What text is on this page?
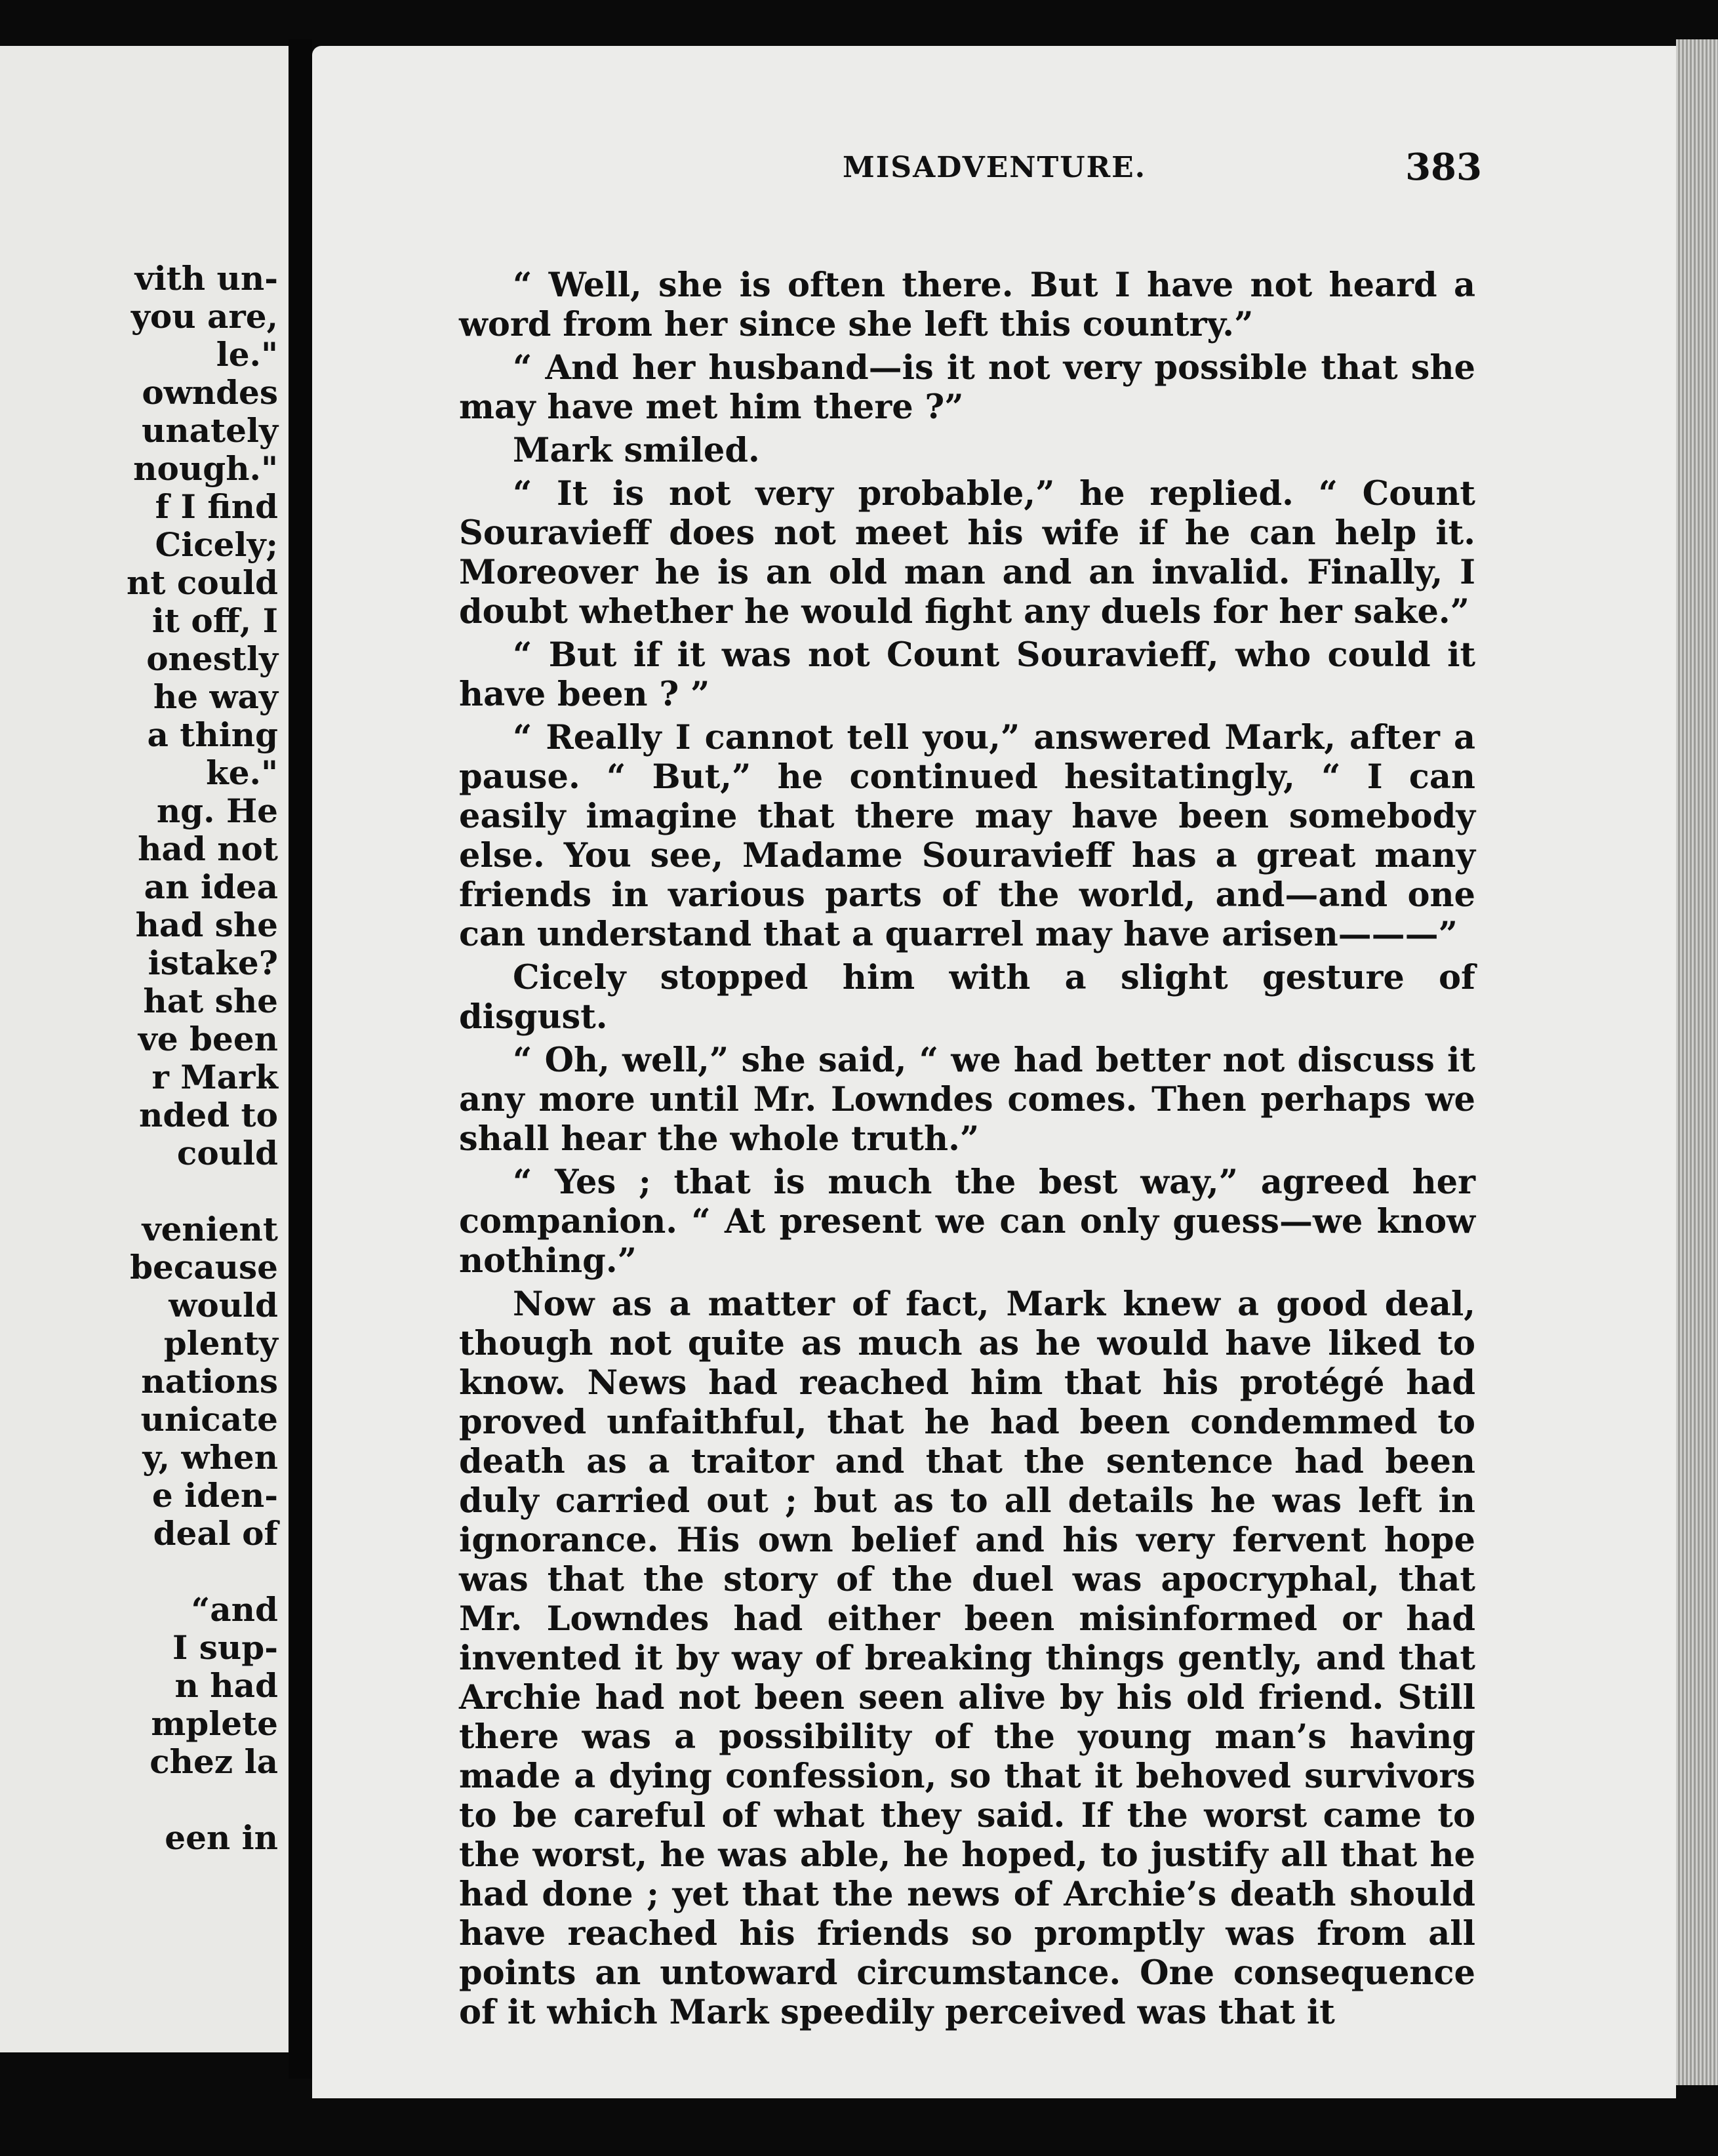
vith un-
you are,
le."
owndes
unately
nough."
f I find
Cicely;
nt could
it off, I
onestly
he way
a thing
ke."
ng. He
had not
an idea
had she
istake?
hat she
ve been
r Mark
nded to
could
venient
because
would
plenty
nations
unicate
y, when
e iden-
deal of
“and
I sup-
n had
mplete
chez la
een in
MISADVENTURE.	383

“ Well, she is often there. But I have not heard a word from her since she left this country.”

“ And her husband—is it not very possible that she may have met him there ?”

Mark smiled.

“ It is not very probable,” he replied. “ Count Souravieff does not meet his wife if he can help it. Moreover he is an old man and an invalid. Finally, I doubt whether he would fight any duels for her sake.”

“ But if it was not Count Souravieff, who could it have been ? ”

“ Really I cannot tell you,” answered Mark, after a pause. “ But,” he continued hesitatingly, “ I can easily imagine that there may have been somebody else. You see, Madame Souravieff has a great many friends in various parts of the world, and—and one can understand that a quarrel may have arisen———”

Cicely stopped him with a slight gesture of disgust.

“ Oh, well,” she said, “ we had better not discuss it any more until Mr. Lowndes comes. Then perhaps we shall hear the whole truth.”

“ Yes ; that is much the best way,” agreed her companion. “ At present we can only guess—we know nothing.”

Now as a matter of fact, Mark knew a good deal, though not quite as much as he would have liked to know. News had reached him that his protégé had proved unfaithful, that he had been condemmed to death as a traitor and that the sentence had been duly carried out ; but as to all details he was left in ignorance. His own belief and his very fervent hope was that the story of the duel was apocryphal, that Mr. Lowndes had either been misinformed or had invented it by way of breaking things gently, and that Archie had not been seen alive by his old friend. Still there was a possibility of the young man’s having made a dying confession, so that it behoved survivors to be careful of what they said. If the worst came to the worst, he was able, he hoped, to justify all that he had done ; yet that the news of Archie’s death should have reached his friends so promptly was from all points an untoward circumstance. One consequence of it which Mark speedily perceived was that it
